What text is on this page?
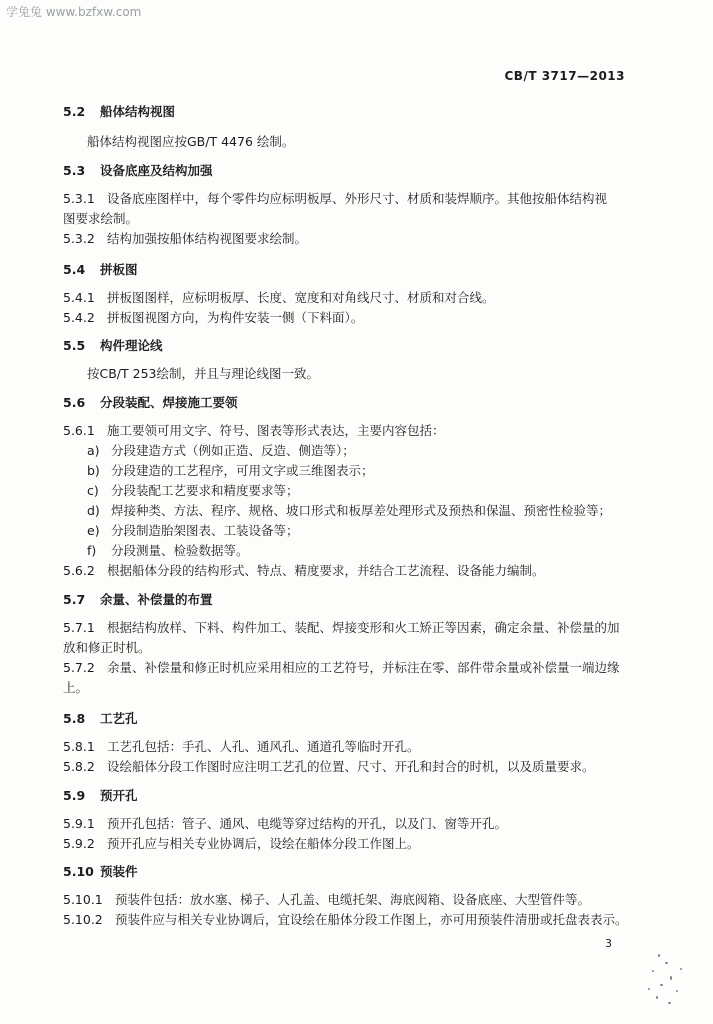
学兔兔 www.bzfxw.com
CB/T 3717—2013
5.2 船体结构视图
船体结构视图应按GB/T 4476 绘制。
5.3 设备底座及结构加强
5.3.1 设备底座图样中，每个零件均应标明板厚、外形尺寸、材质和装焊顺序。其他按船体结构视
图要求绘制。
5.3.2 结构加强按船体结构视图要求绘制。
5.4 拼板图
5.4.1 拼板图图样，应标明板厚、长度、宽度和对角线尺寸、材质和对合线。
5.4.2 拼板图视图方向，为构件安装一侧（下料面）。
5.5 构件理论线
按CB/T 253绘制，并且与理论线图一致。
5.6 分段装配、焊接施工要领
5.6.1 施工要领可用文字、符号、图表等形式表达，主要内容包括：
a) 分段建造方式（例如正造、反造、侧造等）；
b) 分段建造的工艺程序，可用文字或三维图表示；
c) 分段装配工艺要求和精度要求等；
d) 焊接种类、方法、程序、规格、坡口形式和板厚差处理形式及预热和保温、预密性检验等；
e) 分段制造胎架图表、工装设备等；
f) 分段测量、检验数据等。
5.6.2 根据船体分段的结构形式、特点、精度要求，并结合工艺流程、设备能力编制。
5.7 余量、补偿量的布置
5.7.1 根据结构放样、下料、构件加工、装配、焊接变形和火工矫正等因素，确定余量、补偿量的加
放和修正时机。
5.7.2 余量、补偿量和修正时机应采用相应的工艺符号，并标注在零、部件带余量或补偿量一端边缘
上。
5.8 工艺孔
5.8.1 工艺孔包括：手孔、人孔、通风孔、通道孔等临时开孔。
5.8.2 设绘船体分段工作图时应注明工艺孔的位置、尺寸、开孔和封合的时机，以及质量要求。
5.9 预开孔
5.9.1 预开孔包括：管子、通风、电缆等穿过结构的开孔，以及门、窗等开孔。
5.9.2 预开孔应与相关专业协调后，设绘在船体分段工作图上。
5.10 预装件
5.10.1 预装件包括：放水塞、梯子、人孔盖、电缆托架、海底阀箱、设备底座、大型管件等。
5.10.2 预装件应与相关专业协调后，宜设绘在船体分段工作图上，亦可用预装件清册或托盘表表示。
3
